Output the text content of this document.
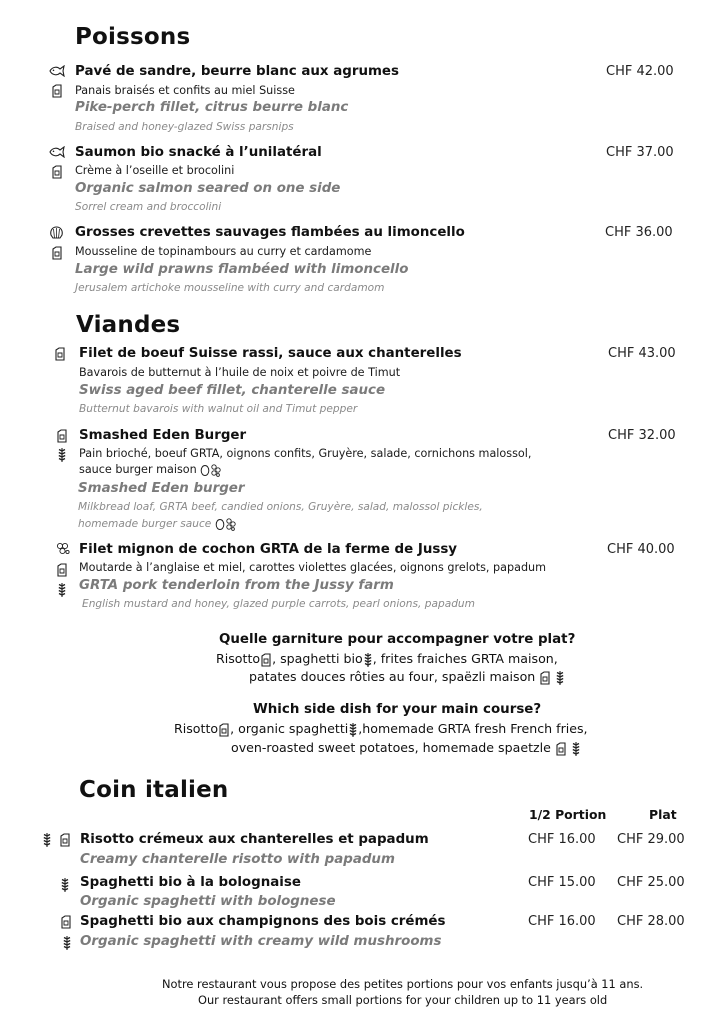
Poissons
Pavé de sandre, beurre blanc aux agrumes	CHF 42.00
Panais braisés et confits au miel Suisse
Pike-perch fillet, citrus beurre blanc
Braised and honey-glazed Swiss parsnips
Saumon bio snacké à l’unilatéral	CHF 37.00
Crème à l’oseille et brocolini
Organic salmon seared on one side
Sorrel cream and broccolini
Grosses crevettes sauvages flambées au limoncello	CHF 36.00
Mousseline de topinambours au curry et cardamome
Large wild prawns flambéed with limoncello
Jerusalem artichoke mousseline with curry and cardamom
Viandes
Filet de boeuf Suisse rassi, sauce aux chanterelles	CHF 43.00
Bavarois de butternut à l’huile de noix et poivre de Timut
Swiss aged beef fillet, chanterelle sauce
Butternut bavarois with walnut oil and Timut pepper
Smashed Eden Burger	CHF 32.00
Pain brioché, boeuf GRTA, oignons confits, Gruyère, salade, cornichons malossol,
sauce burger maison
Smashed Eden burger
Milkbread loaf, GRTA beef, candied onions, Gruyère, salad, malossol pickles,
homemade burger sauce
Filet mignon de cochon GRTA de la ferme de Jussy	CHF 40.00
Moutarde à l’anglaise et miel, carottes violettes glacées, oignons grelots, papadum
GRTA pork tenderloin from the Jussy farm
English mustard and honey, glazed purple carrots, pearl onions, papadum
Quelle garniture pour accompagner votre plat?
Risotto , spaghetti bio , frites fraiches GRTA maison,
patates douces rôties au four, spaëzli maison

Which side dish for your main course?
Risotto , organic spaghetti ,homemade GRTA fresh French fries,
oven-roasted sweet potatoes, homemade spaetzle

Coin italien
1/2 Portion	Plat
Risotto crémeux aux chanterelles et papadum	CHF 16.00 CHF 29.00
Creamy chanterelle risotto with papadum
Spaghetti bio à la bolognaise	CHF 15.00 CHF 25.00
Organic spaghetti with bolognese
Spaghetti bio aux champignons des bois crémés	CHF 16.00 CHF 28.00
Organic spaghetti with creamy wild mushrooms
Notre restaurant vous propose des petites portions pour vos enfants jusqu’à 11 ans.
Our restaurant offers small portions for your children up to 11 years old
